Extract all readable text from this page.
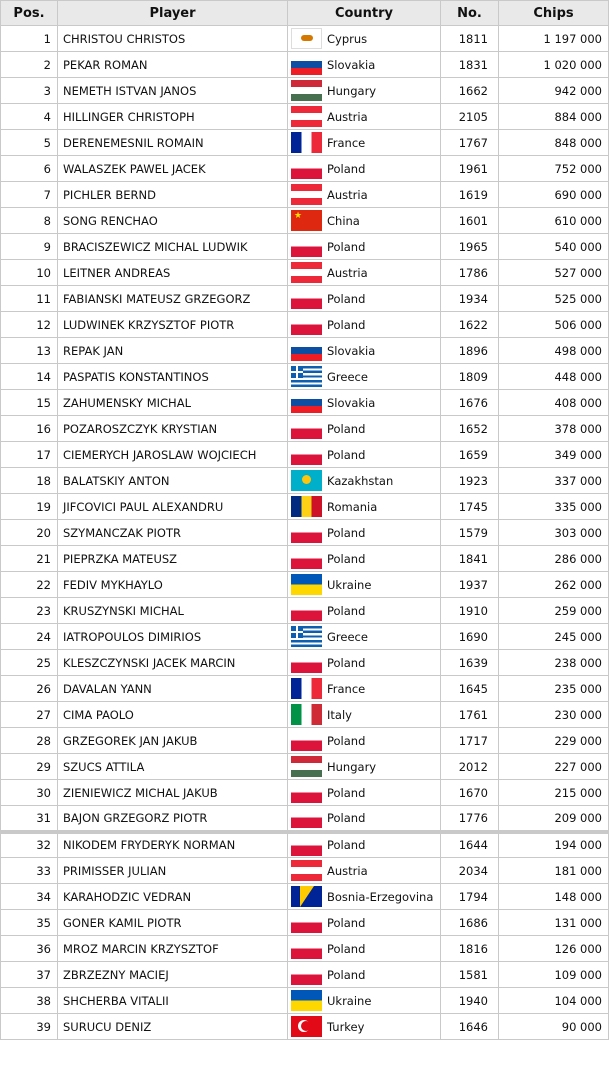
Pos.	Player	Country	No.	Chips
1	CHRISTOU CHRISTOS	Cyprus	1811	1 197 000
2	PEKAR ROMAN	Slovakia	1831	1 020 000
3	NEMETH ISTVAN JANOS	Hungary	1662	942 000
4	HILLINGER CHRISTOPH	Austria	2105	884 000
5	DERENEMESNIL ROMAIN	France	1767	848 000
6	WALASZEK PAWEL JACEK	Poland	1961	752 000
7	PICHLER BERND	Austria	1619	690 000
8	SONG RENCHAO	★ China	1601	610 000
9	BRACISZEWICZ MICHAL LUDWIK	Poland	1965	540 000
10	LEITNER ANDREAS	Austria	1786	527 000
11	FABIANSKI MATEUSZ GRZEGORZ	Poland	1934	525 000
12	LUDWINEK KRZYSZTOF PIOTR	Poland	1622	506 000
13	REPAK JAN	Slovakia	1896	498 000
14	PASPATIS KONSTANTINOS	Greece	1809	448 000
15	ZAHUMENSKY MICHAL	Slovakia	1676	408 000
16	POZAROSZCZYK KRYSTIAN	Poland	1652	378 000
17	CIEMERYCH JAROSLAW WOJCIECH	Poland	1659	349 000
18	BALATSKIY ANTON	Kazakhstan	1923	337 000
19	JIFCOVICI PAUL ALEXANDRU	Romania	1745	335 000
20	SZYMANCZAK PIOTR	Poland	1579	303 000
21	PIEPRZKA MATEUSZ	Poland	1841	286 000
22	FEDIV MYKHAYLO	Ukraine	1937	262 000
23	KRUSZYNSKI MICHAL	Poland	1910	259 000
24	IATROPOULOS DIMIRIOS	Greece	1690	245 000
25	KLESZCZYNSKI JACEK MARCIN	Poland	1639	238 000
26	DAVALAN YANN	France	1645	235 000
27	CIMA PAOLO	Italy	1761	230 000
28	GRZEGOREK JAN JAKUB	Poland	1717	229 000
29	SZUCS ATTILA	Hungary	2012	227 000
30	ZIENIEWICZ MICHAL JAKUB	Poland	1670	215 000
31	BAJON GRZEGORZ PIOTR	Poland	1776	209 000
32	NIKODEM FRYDERYK NORMAN	Poland	1644	194 000
33	PRIMISSER JULIAN	Austria	2034	181 000
34	KARAHODZIC VEDRAN	Bosnia-Erzegovina	1794	148 000
35	GONER KAMIL PIOTR	Poland	1686	131 000
36	MROZ MARCIN KRZYSZTOF	Poland	1816	126 000
37	ZBRZEZNY MACIEJ	Poland	1581	109 000
38	SHCHERBA VITALII	Ukraine	1940	104 000
39	SURUCU DENIZ	Turkey	1646	90 000
